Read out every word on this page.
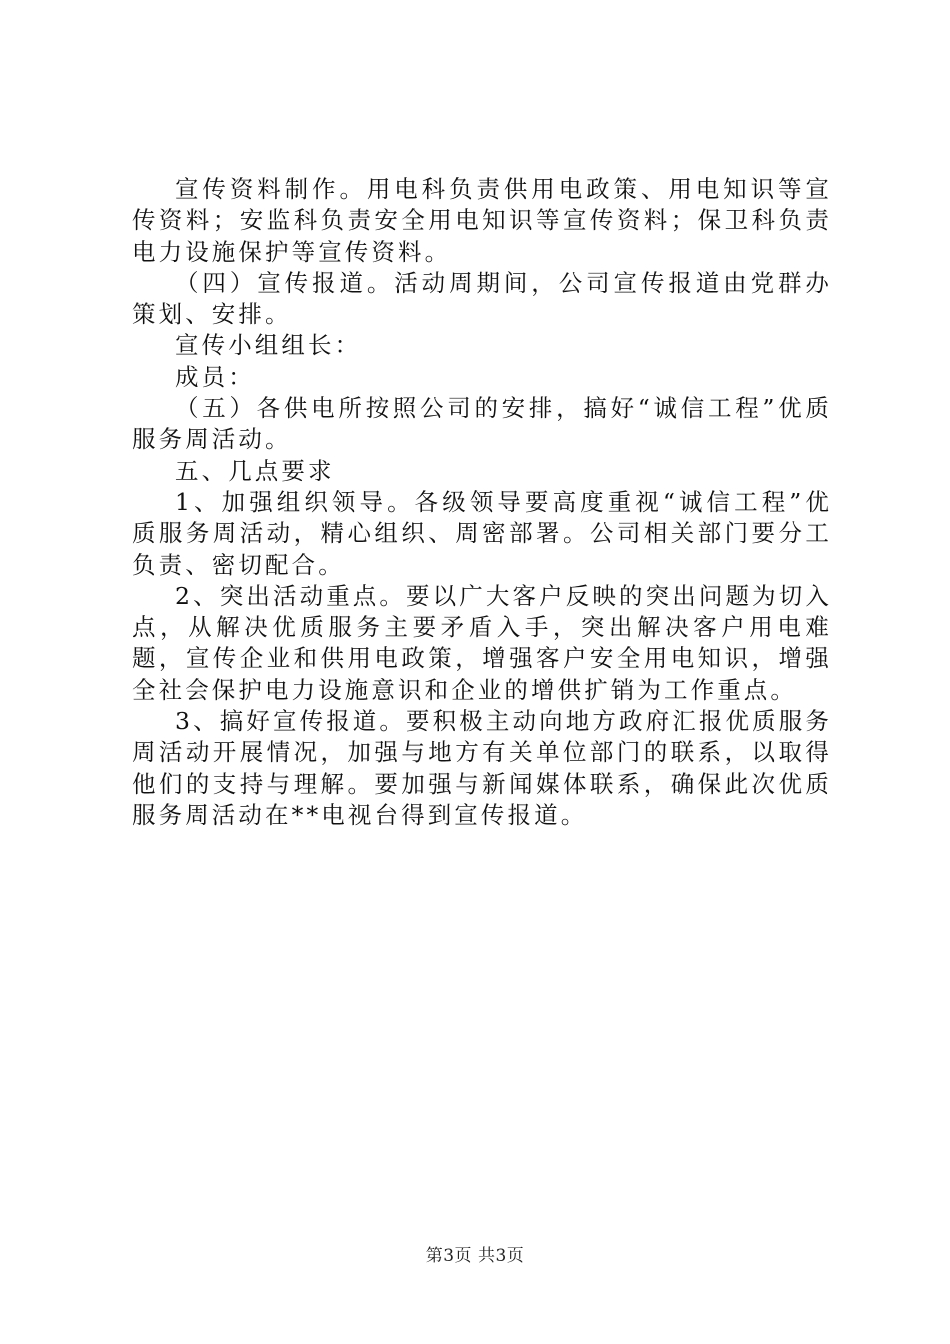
宣传资料制作。用电科负责供用电政策、用电知识等宣传资料；安监科负责安全用电知识等宣传资料；保卫科负责电力设施保护等宣传资料。

（四）宣传报道。活动周期间，公司宣传报道由党群办策划、安排。

宣传小组组长：

成员：

（五）各供电所按照公司的安排，搞好“诚信工程”优质服务周活动。

五、几点要求

1、加强组织领导。各级领导要高度重视“诚信工程”优质服务周活动，精心组织、周密部署。公司相关部门要分工负责、密切配合。

2、突出活动重点。要以广大客户反映的突出问题为切入点，从解决优质服务主要矛盾入手，突出解决客户用电难题，宣传企业和供用电政策，增强客户安全用电知识，增强全社会保护电力设施意识和企业的增供扩销为工作重点。

3、搞好宣传报道。要积极主动向地方政府汇报优质服务周活动开展情况，加强与地方有关单位部门的联系，以取得他们的支持与理解。要加强与新闻媒体联系，确保此次优质服务周活动在**电视台得到宣传报道。

第3页 共3页
